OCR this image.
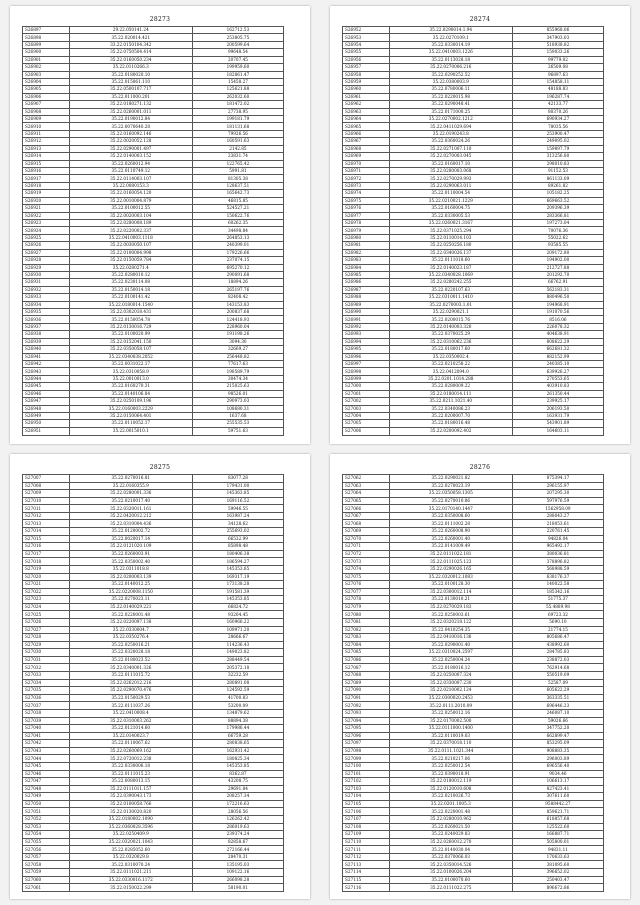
28273
S26897	29.22.050141.24	162712.53
S26898	35.22.020014.421	253805.75
S26899	33.22.0150104.342	200599.64
S26900	35.22.0750504.414	99648.54
S26901	35.22.0160050.234	20707.45
S26902	35.22.0110266.3	199959.60
S26903	35.22.0180020.10	182861.47
S26904	35.22.015061.110	15458.27
S26905	35.22.0500107.717	125621.88
S26906	35.22.011000.201	262032.60
S26907	35.22.0180271.132	181472.02
S26908	35.22.0260001.011	27738.95
S26909	35.22.0190012.84	199181.79
S26910	35.22.0070640.28	181131.68
S26911	35.22.0160092.146	79926.56
S26912	35.22.0020052.128	160591.63
S26913	35.22.0290001.497	2142.85
S26914	35.22.0140003.152	23831.74
S26915	35.22.0260012.94	122765.42
S26916	35.22.0110749.12	5991.81
S26917	35.22.0114003.107	81305.38
S26918	35.22.0080153.3	128637.51
S26919	35.22.0160054.120	165642.73
S26920	35.22.0010004.879	46815.85
S26921	35.22.0100012.55	524527.21
S26922	35.22.0020003.104	150622.76
S26923	35.22.0280008.189	60262.35
S26924	35.22.0220002.337	34498.84
S26925	35.22.0410003.1118	264853.13
S26926	35.22.0030050.107	240399.01
S26927	35.22.0100004.998	179226.66
S26928	35.22.0150059.784	237074.15
S26929	35.22.0280271.4	695270.12
S26930	35.22.0280010.12	290091.68
S26931	35.22.0230114.08	18894.26
S26932	35.22.0150014.18	265197.76
S26933	35.22.0100141.42	82408.42
S26934	35.22.0180014.1540	143153.83
S26935	35.22.0302018.431	200837.68
S26936	35.22.0150054.78	124418.93
S26937	35.22.0130016.729	228960.04
S26938	35.22.0100020.99	191198.26
S26939	35.22.0152041.150	3094.30
S26940	35.22.0350058.107	32669.27
S26941	35.22.0340038.2052	256448.82
S26942	35.22.0031022.17	77617.63
S26943	35.22.0310058.9	198589.79
S26944	35.22.0010013.0	30474.34
S26945	35.22.0160270.31	215025.63
S26946	35.22.0140106.84	98526.01
S26947	35.22.0250109.196	290973.03
S26948	35.22.0160003.2229	108680.31
S26949	35.22.0150064.401	1637.68
S26950	35.22.0110052.17	255535.53
S26951	35.22.0015010.1	59751.63
28274
S26952	35.22.0290014.1.94	855968.06
S26953	35.22.0270109.1	347903.03
S26954	35.22.0330014.19	518938.82
S26955	35.22.0410003.1226	159033.26
S26956	35.22.0113028.18	99779.02
S26957	35.22.0270006.216	26509.08
S26958	35.22.0290252.52	96897.63
S26959	35.22.0380003.9	154858.11
S26960	35.22.0780006.11	48188.83
S26961	35.22.0220015.98	196287.74
S26962	35.22.0290048.41	42133.77
S26963	35.22.0171000.25	80370.26
S26964	35.22.0270002.1212	690934.27
S26965	35.22.0411029.694	78035.56
S26966	35.22.0190243.8	253900.47
S26967	35.22.0360024.26	249095.02
S26968	35.22.0271007.110	159897.79
S26969	35.22.0270003.045	313256.80
S26970	35.22.0160017.10	298010.83
S26971	35.22.0280003.068	91152.53
S26972	35.22.0270029.993	861133.09
S26973	35.22.0290063.011	89261.82
S26974	35.22.0110004.54	105182.25
S26975	35.22.0210021.1229	669663.52
S26976	35.22.0160004.75	209396.39
S26977	35.22.0330005.53	283366.81
S26978	35.22.0260021.3167	197273.04
S26979	35.22.0371025.294	70076.36
S26980	35.22.0110014.103	55022.62
S26981	35.22.0250256.180	93585.55
S26982	35.22.0340026.137	209172.80
S26983	35.22.0111018.60	194902.00
S26984	35.22.0140023.187	212727.88
S26985	35.22.0340028.1069	201292.70
S26986	35.22.0280242.255	66762.91
S26987	35.22.0220107.63	562183.31
S26988	35.22.0310011.1410	880496.50
S26989	35.22.0270003.1.01	194968.91
S26990	35.22.0290021.1	191070.56
S26991	35.22.0200015.76	8516.06
S26992	35.22.0140003.320	226078.32
S26993	35.22.0370025.29	404638.91
S26994	35.22.0310062.236	808622.29
S26995	35.22.0180017.60	662681.32
S26996	35.22.0350002.4	882152.99
S26997	35.22.0210258.22	240385.10
S26998	35.22.0412094.0	639926.27
S26999	35.22.0201.1014.288	270553.65
S27000	35.22.0280009.22	403910.83
S27001	35.22.0180014.111	261350.44
S27002	35.22.0211.1021.40	239925.17
S27003	35.22.0340086.23	206193.50
S27004	35.22.0200007.70	163931.79
S27005	35.22.0180016.48	543901.89
S27006	35.22.0200092.402	164603.11
28275
S27007	35.22.0270016.81	83077.28
S27008	35.22.0160355.9	179431.00
S27009	35.22.0280001.336	145363.85
S27010	35.22.0210017.40	169116.52
S27011	35.22.0320011.161	59946.55
S27012	35.22.0420012.212	163987.24
S27013	35.22.0310004.436	34128.62
S27014	35.22.0120002.72	255693.02
S27015	35.22.0020017.14	66532.99
S27016	35.22.0121020.109	85898.48
S27017	35.22.0260003.91	180406.38
S27018	35.22.0350002.40	186594.27
S27019	35.22.0311018.8	145353.85
S27020	35.22.0200003.139	169317.19
S27021	35.22.0140012.25	173138.28
S27022	35.22.0220008.1150	191581.39
S27023	35.22.0270023.11	145353.85
S27024	35.22.0140029.221	66824.72
S27025	35.22.0220001.48	93204.45
S27026	35.22.0220097.138	160966.22
S27027	35.22.0330004.7	109971.20
S27028	35.22.0350276.4	28666.67
S27029	35.22.0250016.21	114236.43
S27030	35.22.0320028.18	149023.82
S27031	35.22.0180023.52	288449.54
S27032	35.22.0340001.326	205372.18
S27033	35.22.0111015.72	32232.59
S27034	35.22.0262012.216	280891.08
S27035	35.22.0290070.476	124592.59
S27036	35.22.0150029.53	41700.83
S27037	35.22.0111037.26	53200.09
S27038	35.22.0410008.4	134879.62
S27039	35.22.0310003.262	88894.38
S27040	35.22.0121014.60	179986.44
S27041	35.22.0140023.7	66759.28
S27042	35.22.0110067.62	280838.65
S27043	35.22.0260069.162	162931.42
S27044	35.22.0720012.238	180825.34
S27045	35.22.0330006.18	145353.85
S27046	35.22.0111015.23	8362.87
S27047	35.22.0080013.15	43208.75
S27048	35.22.0111011.157	29691.84
S27049	35.22.0390043.173	208257.34
S27050	35.22.0100058.766	172216.63
S27051	35.22.0130020.820	28056.56
S27052	35.22.0180002.1090	126262.42
S27053	35.22.0360028.3596	286019.63
S27054	35.22.0250409.9	239374.24
S27055	35.22.0320021.1043	82858.67
S27056	35.22.0285052.60	272166.44
S27057	35.22.0320029.8	28470.31
S27058	35.22.0310070.24	135195.03
S27059	35.22.0111021.211	109122.16
S27060	35.22.0330016.1172	266098.28
S27061	35.22.0150022.299	58190.01
28276
S27062	35.22.0290021.82	875394.17
S27063	35.22.0270023.19	296155.97
S27064	35.22.0350058.1305	207295.30
S27065	35.22.0270010.86	597976.59
S27066	35.22.0170140.1447	1562958.09
S27067	35.22.0350008.60	288043.27
S27068	35.22.0111002.28	218053.61
S27069	35.22.0260008.90	220761.45
S27070	35.22.0260001.40	94826.04
S27071	35.22.0141009.49	965492.17
S27072	35.22.0111022.181	380036.81
S27073	35.22.0111025.123	378896.82
S27074	35.22.0290026.165	568988.59
S27075	35.22.0320012.1083	638176.37
S27076	35.22.0100128.30	140022.58
S27077	35.22.0300012.114	185342.16
S27078	35.22.0130010.21	51775.37
S27079	35.22.0270029.183	55.4889.98
S27080	35.22.0250003.61	69723.32
S27081	35.22.0320218.122	5690.10
S27082	35.22.0410254.35	21774.15
S27083	35.22.0410016.136	805686.47
S27084	35.22.0290001.40	438992.60
S27085	35.22.0310024.2597	284785.83
S27086	35.22.0250004.24	238872.03
S27087	35.22.0180016.12	762914.68
S27088	35.22.0250007.324	550519.09
S27089	35.22.0330007.230	52587.09
S27090	35.22.0210002.124	605622.29
S27091	35.22.0300020.2453	363335.51
S27092	35.22.0111.2010.09	696446.23
S27093	35.22.0250012.16	246087.10
S27094	35.22.0170002.500	59026.66
S27095	35.22.0111000.1400	347752.20
S27096	35.22.0110019.03	662899.47
S27097	35.22.0370018.110	853295.09
S27098	35.22.0111.1021.344	908883.35
S27099	35.22.0210217.06	296003.89
S27100	35.22.0250012.54	696556.40
S27101	35.22.0390018.91	9034.46
S27102	35.22.0180012.119	106613.17
S27103	35.22.0120010.608	827423.41
S27104	35.22.0210026.73	307611.60
S27105	35.22.0201.1005.3	9588442.27
S27106	35.22.0220001.48	859621.71
S27107	35.22.0280010.962	618857.68
S27108	35.22.0260021.50	125522.60
S27109	35.22.0240029.83	166887.71
S27110	35.22.0260012.270	505800.01
S27111	35.22.0140030.04	94831.11
S27112	35.22.0370066.03	170633.63
S27113	35.22.0350014.526	381095.60
S27114	35.22.0100026.204	396652.02
S27115	35.22.0100070.60	250403.47
S27116	35.22.0111022.275	896672.86
